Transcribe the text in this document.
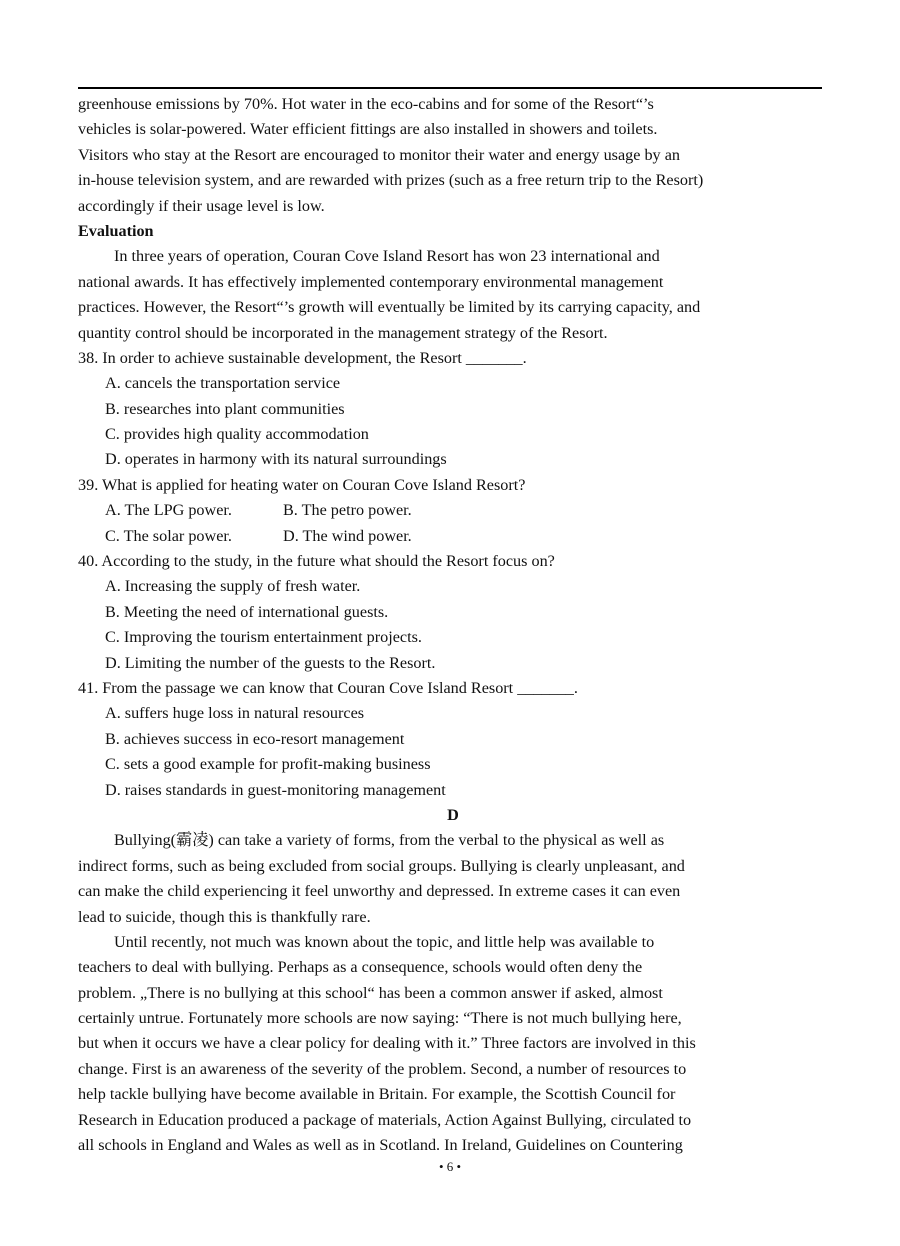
greenhouse emissions by 70%. Hot water in the eco-cabins and for some of the Resort“’s
vehicles is solar-powered. Water efficient fittings are also installed in showers and toilets.
Visitors who stay at the Resort are encouraged to monitor their water and energy usage by an
in-house television system, and are rewarded with prizes (such as a free return trip to the Resort)
accordingly if their usage level is low.
Evaluation
In three years of operation, Couran Cove Island Resort has won 23 international and
national awards. It has effectively implemented contemporary environmental management
practices. However, the Resort“’s growth will eventually be limited by its carrying capacity, and
quantity control should be incorporated in the management strategy of the Resort.
38. In order to achieve sustainable development, the Resort _______.
A. cancels the transportation service
B. researches into plant communities
C. provides high quality accommodation
D. operates in harmony with its natural surroundings
39. What is applied for heating water on Couran Cove Island Resort?
A. The LPG power.	B. The petro power.
C. The solar power.	D. The wind power.
40. According to the study, in the future what should the Resort focus on?
A. Increasing the supply of fresh water.
B. Meeting the need of international guests.
C. Improving the tourism entertainment projects.
D. Limiting the number of the guests to the Resort.
41. From the passage we can know that Couran Cove Island Resort _______.
A. suffers huge loss in natural resources
B. achieves success in eco-resort management
C. sets a good example for profit-making business
D. raises standards in guest-monitoring management
D
Bullying(霸凌) can take a variety of forms, from the verbal to the physical as well as
indirect forms, such as being excluded from social groups. Bullying is clearly unpleasant, and
can make the child experiencing it feel unworthy and depressed. In extreme cases it can even
lead to suicide, though this is thankfully rare.
Until recently, not much was known about the topic, and little help was available to
teachers to deal with bullying. Perhaps as a consequence, schools would often deny the
problem. „There is no bullying at this school“ has been a common answer if asked, almost
certainly untrue. Fortunately more schools are now saying: “There is not much bullying here,
but when it occurs we have a clear policy for dealing with it.” Three factors are involved in this
change. First is an awareness of the severity of the problem. Second, a number of resources to
help tackle bullying have become available in Britain. For example, the Scottish Council for
Research in Education produced a package of materials, Action Against Bullying, circulated to
all schools in England and Wales as well as in Scotland. In Ireland, Guidelines on Countering
• 6 •
